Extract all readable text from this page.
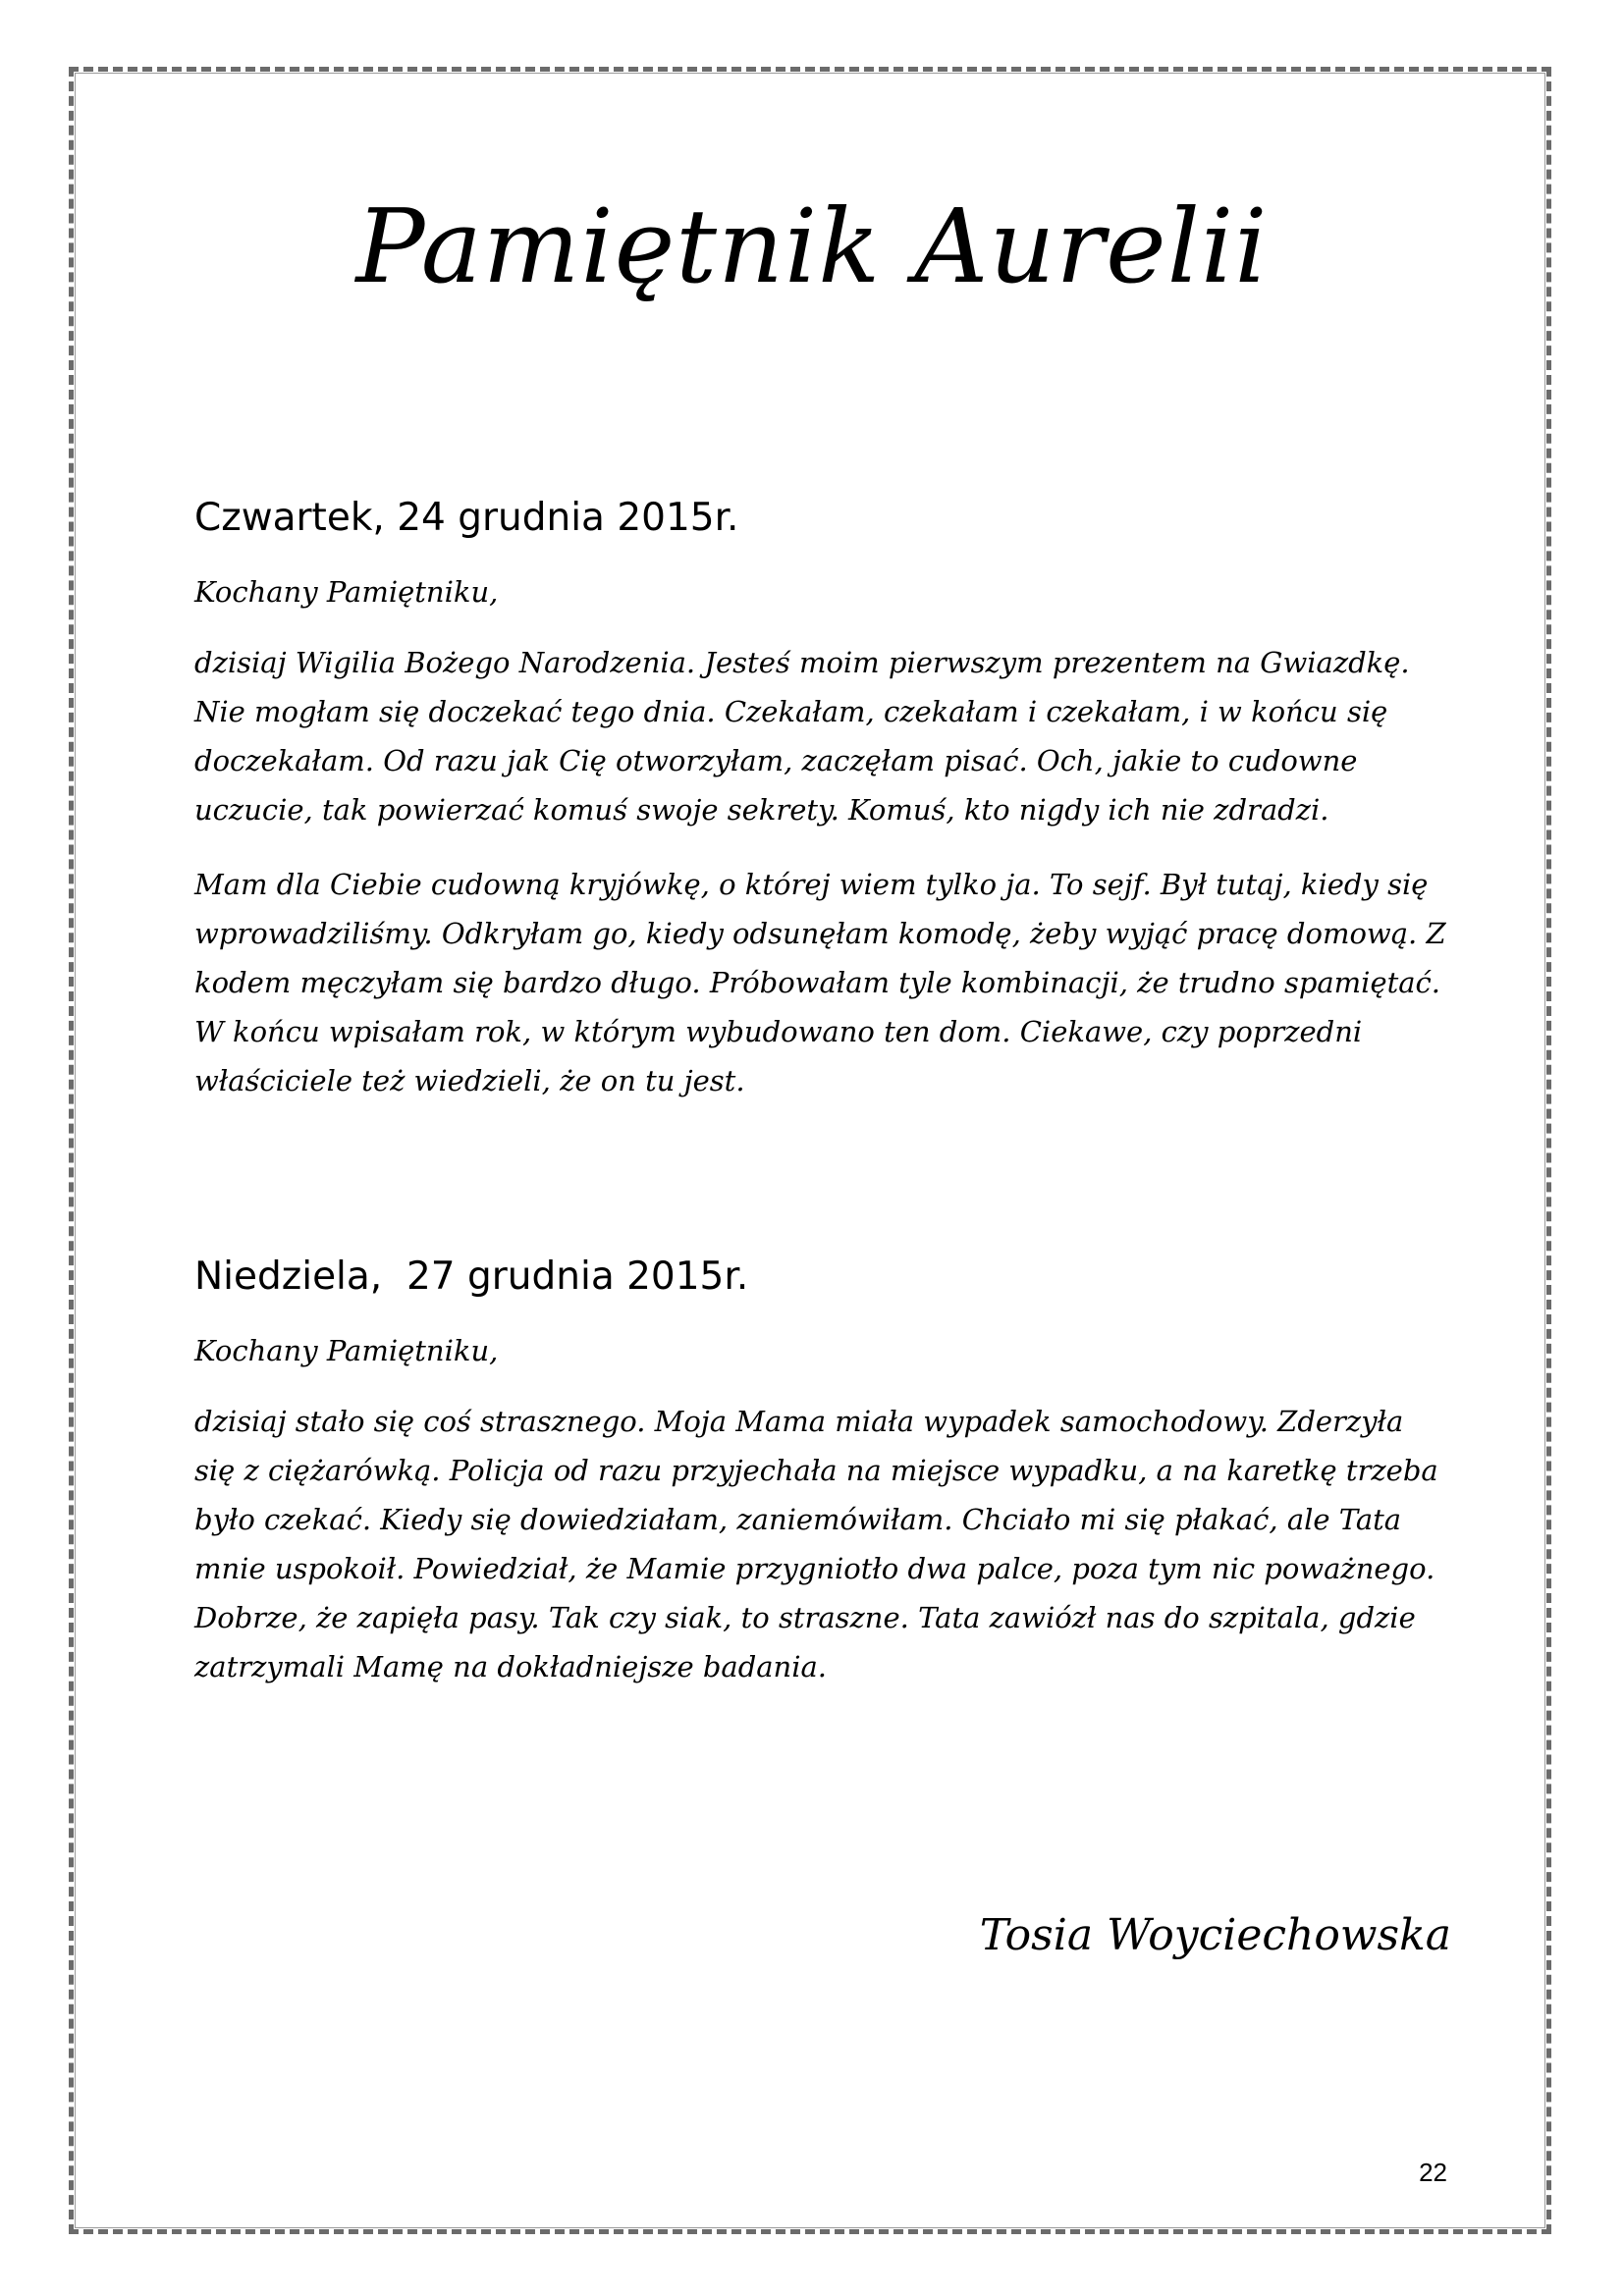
Pamiętnik Aurelii

Czwartek, 24 grudnia 2015r.

Kochany Pamiętniku,

dzisiaj Wigilia Bożego Narodzenia. Jesteś moim pierwszym prezentem na Gwiazdkę. Nie mogłam się doczekać tego dnia. Czekałam, czekałam i czekałam, i w końcu się doczekałam. Od razu jak Cię otworzyłam, zaczęłam pisać. Och, jakie to cudowne uczucie, tak powierzać komuś swoje sekrety. Komuś, kto nigdy ich nie zdradzi.

Mam dla Ciebie cudowną kryjówkę, o której wiem tylko ja. To sejf. Był tutaj, kiedy się wprowadziliśmy. Odkryłam go, kiedy odsunęłam komodę, żeby wyjąć pracę domową. Z kodem męczyłam się bardzo długo. Próbowałam tyle kombinacji, że trudno spamiętać. W końcu wpisałam rok, w którym wybudowano ten dom. Ciekawe, czy poprzedni właściciele też wiedzieli, że on tu jest.

Niedziela,  27 grudnia 2015r.

Kochany Pamiętniku,

dzisiaj stało się coś strasznego. Moja Mama miała wypadek samochodowy. Zderzyła się z ciężarówką. Policja od razu przyjechała na miejsce wypadku, a na karetkę trzeba było czekać. Kiedy się dowiedziałam, zaniemówiłam. Chciało mi się płakać, ale Tata mnie uspokoił. Powiedział, że Mamie przygniotło dwa palce, poza tym nic poważnego. Dobrze, że zapięła pasy. Tak czy siak, to straszne. Tata zawiózł nas do szpitala, gdzie zatrzymali Mamę na dokładniejsze badania.

Tosia Woyciechowska
22
